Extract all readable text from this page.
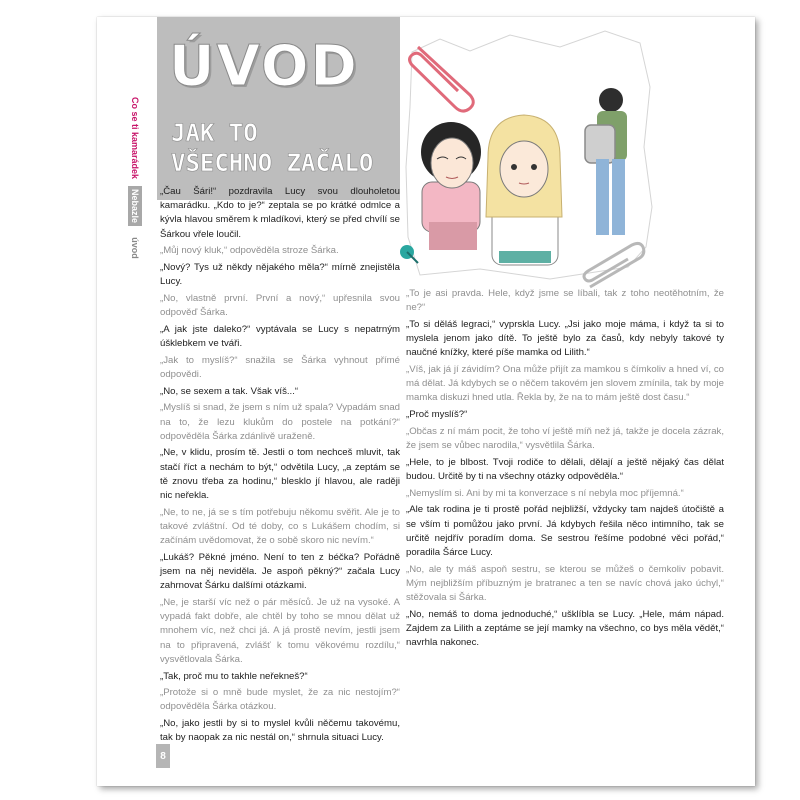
ÚVOD
JAK TO
VŠECHNO ZAČALO
Co se ti kamarádek
Nebazle
úvod

„Čau Šári!“ pozdravila Lucy svou dlouholetou kamarádku. „Kdo to je?“ zeptala se po krátké odmlce a kývla hlavou směrem k mladíkovi, který se před chvílí se Šárkou vřele loučil.

„Můj nový kluk,“ odpověděla stroze Šárka.

„Nový? Tys už někdy nějakého měla?“ mírně znejistěla Lucy.

„No, vlastně první. První a nový,“ upřesnila svou odpověď Šárka.

„A jak jste daleko?“ vyptávala se Lucy s nepatrným úšklebkem ve tváři.

„Jak to myslíš?“ snažila se Šárka vyhnout přímé odpovědi.

„No, se sexem a tak. Však víš...“

„Myslíš si snad, že jsem s ním už spala? Vypadám snad na to, že lezu klukům do postele na potkání?“ odpověděla Šárka zdánlivě uraženě.

„Ne, v klidu, prosím tě. Jestli o tom nechceš mluvit, tak stačí říct a nechám to být,“ odvětila Lucy, „a zeptám se tě znovu třeba za hodinu,“ blesklo jí hlavou, ale raději nic neřekla.

„Ne, to ne, já se s tím potřebuju někomu svěřit. Ale je to takové zvláštní. Od té doby, co s Lukášem chodím, si začínám uvědomovat, že o sobě skoro nic nevím.“

„Lukáš? Pěkné jméno. Není to ten z béčka? Pořádně jsem na něj neviděla. Je aspoň pěkný?“ začala Lucy zahrnovat Šárku dalšími otázkami.

„Ne, je starší víc než o pár měsíců. Je už na vysoké. A vypadá fakt dobře, ale chtěl by toho se mnou dělat už mnohem víc, než chci já. A já prostě nevím, jestli jsem na to připravená, zvlášť k tomu věkovému rozdílu,“ vysvětlovala Šárka.

„Tak, proč mu to takhle neřekneš?“

„Protože si o mně bude myslet, že za nic nestojím?“ odpověděla Šárka otázkou.

„No, jako jestli by si to myslel kvůli něčemu takovému, tak by naopak za nic nestál on,“ shrnula situaci Lucy.

„To je asi pravda. Hele, když jsme se líbali, tak z toho neotěhotním, že ne?“

„To si děláš legraci,“ vyprskla Lucy. „Jsi jako moje máma, i když ta si to myslela jenom jako dítě. To ještě bylo za časů, kdy nebyly takové ty naučné knížky, které píše mamka od Lilith.“

„Víš, jak já jí závidím? Ona může přijít za mamkou s čímkoliv a hned ví, co má dělat. Já kdybych se o něčem takovém jen slovem zmínila, tak by moje mamka diskuzi hned utla. Řekla by, že na to mám ještě dost času.“

„Proč myslíš?“

„Občas z ní mám pocit, že toho ví ještě míň než já, takže je docela zázrak, že jsem se vůbec narodila,“ vysvětlila Šárka.

„Hele, to je blbost. Tvoji rodiče to dělali, dělají a ještě nějaký čas dělat budou. Určitě by ti na všechny otázky odpověděla.“

„Nemyslím si. Ani by mi ta konverzace s ní nebyla moc příjemná.“

„Ale tak rodina je ti prostě pořád nejbližší, vždycky tam najdeš útočiště a se vším ti pomůžou jako první. Já kdybych řešila něco intimního, tak se určitě nejdřív poradím doma. Se sestrou řešíme podobné věci pořád,“ poradila Šárce Lucy.

„No, ale ty máš aspoň sestru, se kterou se můžeš o čemkoliv pobavit. Mým nejbližším příbuzným je bratranec a ten se navíc chová jako úchyl,“ stěžovala si Šárka.

„No, nemáš to doma jednoduché,“ ušklíbla se Lucy. „Hele, mám nápad. Zajdem za Lilith a zeptáme se její mamky na všechno, co bys měla vědět,“ navrhla nakonec.

8
